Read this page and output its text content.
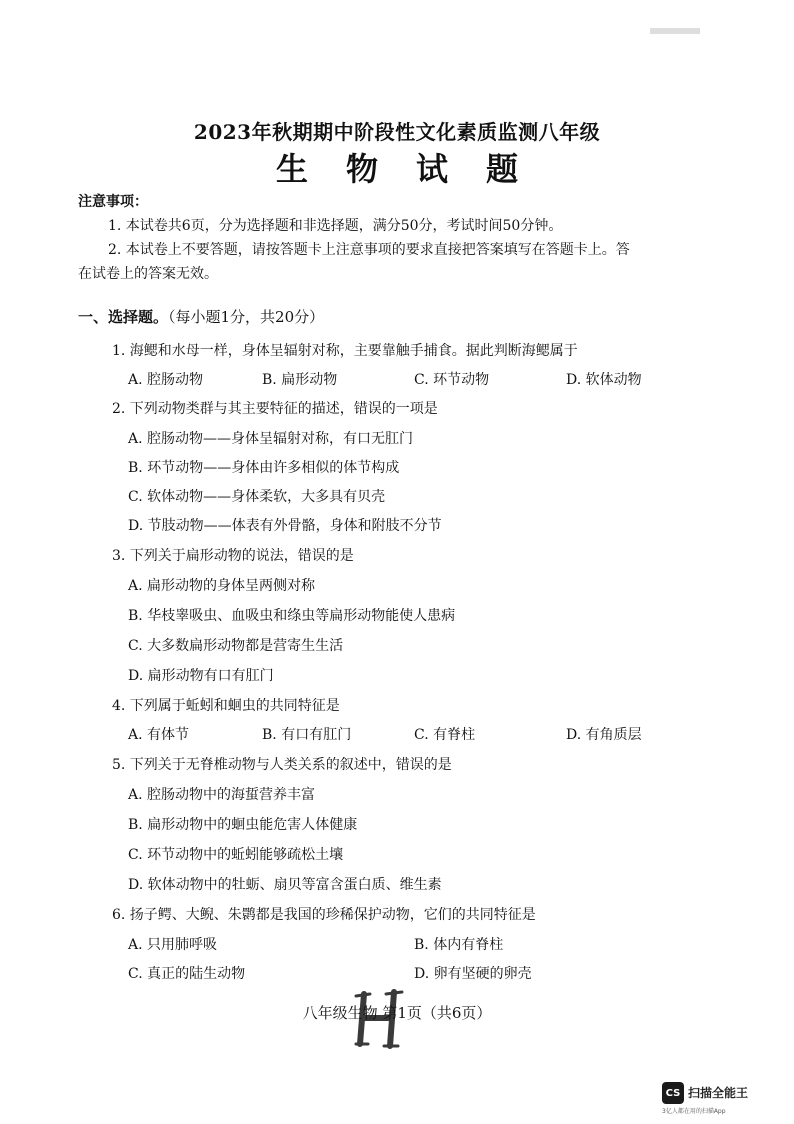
2023年秋期期中阶段性文化素质监测八年级
生物试题

注意事项：

1. 本试卷共6页，分为选择题和非选择题，满分50分，考试时间50分钟。

2. 本试卷上不要答题，请按答题卡上注意事项的要求直接把答案填写在答题卡上。答

在试卷上的答案无效。

一、选择题。（每小题1分，共20分）
1. 海鳃和水母一样，身体呈辐射对称，主要靠触手捕食。据此判断海鳃属于
A. 腔肠动物	B. 扁形动物	C. 环节动物	D. 软体动物
2. 下列动物类群与其主要特征的描述，错误的一项是
A. 腔肠动物——身体呈辐射对称，有口无肛门
B. 环节动物——身体由许多相似的体节构成
C. 软体动物——身体柔软，大多具有贝壳
D. 节肢动物——体表有外骨骼，身体和附肢不分节
3. 下列关于扁形动物的说法，错误的是
A. 扁形动物的身体呈两侧对称
B. 华枝睾吸虫、血吸虫和绦虫等扁形动物能使人患病
C. 大多数扁形动物都是营寄生生活
D. 扁形动物有口有肛门
4. 下列属于蚯蚓和蛔虫的共同特征是
A. 有体节	B. 有口有肛门	C. 有脊柱	D. 有角质层
5. 下列关于无脊椎动物与人类关系的叙述中，错误的是
A. 腔肠动物中的海蜇营养丰富
B. 扁形动物中的蛔虫能危害人体健康
C. 环节动物中的蚯蚓能够疏松土壤
D. 软体动物中的牡蛎、扇贝等富含蛋白质、维生素
6. 扬子鳄、大鲵、朱鹮都是我国的珍稀保护动物，它们的共同特征是
A. 只用肺呼吸	B. 体内有脊柱
C. 真正的陆生动物	D. 卵有坚硬的卵壳
八年级生物 第1页（共6页）
CS 扫描全能王
3亿人都在用的扫描App
